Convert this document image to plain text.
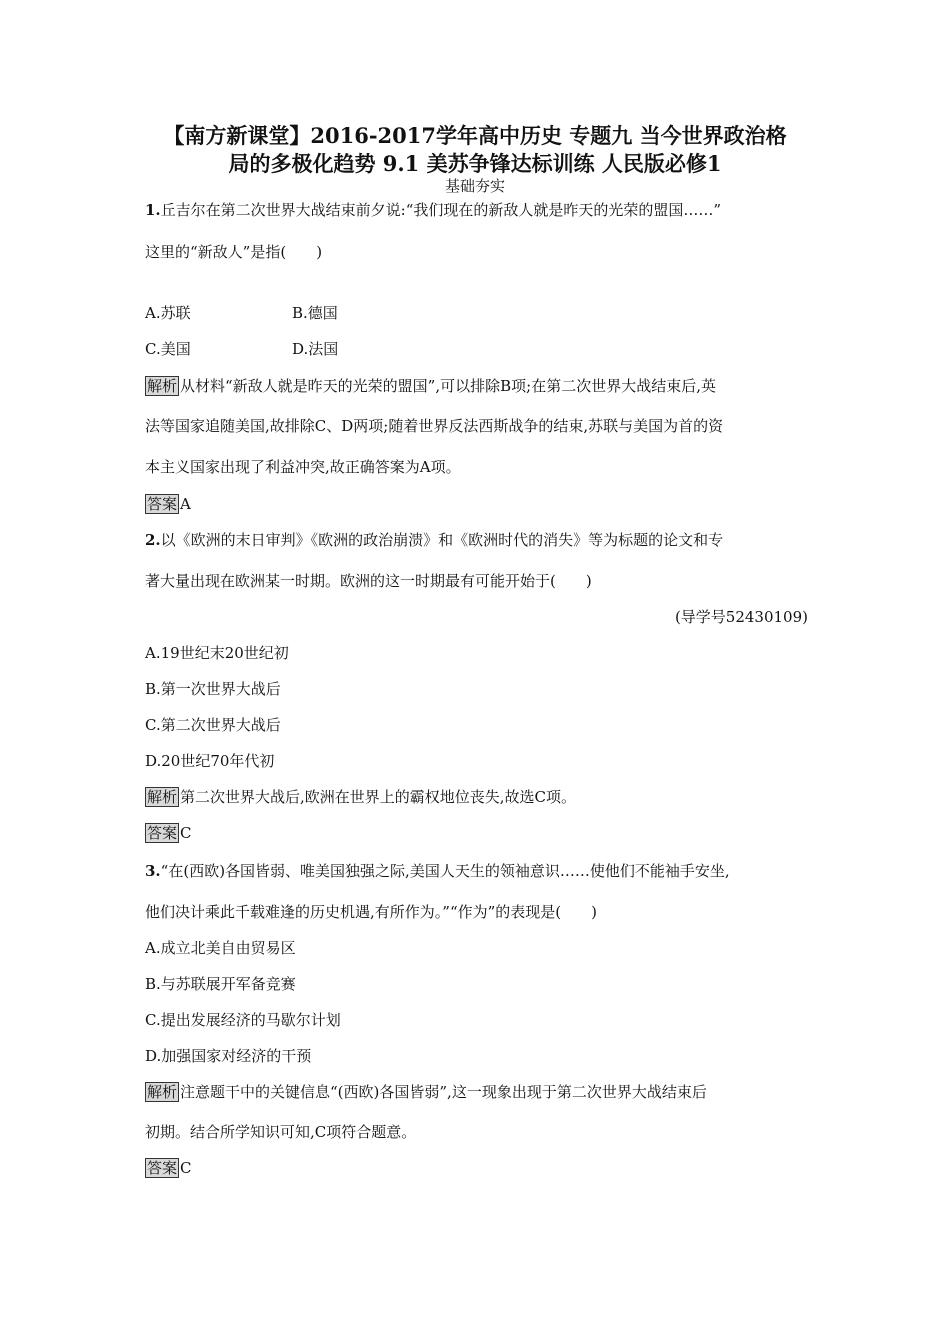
【南方新课堂】2016-2017学年高中历史 专题九 当今世界政治格
局的多极化趋势 9.1 美苏争锋达标训练 人民版必修1
基础夯实
1.丘吉尔在第二次世界大战结束前夕说:“我们现在的新敌人就是昨天的光荣的盟国……”
这里的“新敌人”是指(　　)
A.苏联	B.德国
C.美国	D.法国
解析 从材料“新敌人就是昨天的光荣的盟国”,可以排除B项;在第二次世界大战结束后,英
法等国家追随美国,故排除C、D两项;随着世界反法西斯战争的结束,苏联与美国为首的资
本主义国家出现了利益冲突,故正确答案为A项。
答案 A
2.以《欧洲的末日审判》《欧洲的政治崩溃》和《欧洲时代的消失》等为标题的论文和专
著大量出现在欧洲某一时期。欧洲的这一时期最有可能开始于(　　)
(导学号52430109)
A.19世纪末20世纪初
B.第一次世界大战后
C.第二次世界大战后
D.20世纪70年代初
解析 第二次世界大战后,欧洲在世界上的霸权地位丧失,故选C项。
答案 C
3.“在(西欧)各国皆弱、唯美国独强之际,美国人天生的领袖意识……使他们不能袖手安坐,
他们决计乘此千载难逢的历史机遇,有所作为。”“作为”的表现是(　　)
A.成立北美自由贸易区
B.与苏联展开军备竞赛
C.提出发展经济的马歇尔计划
D.加强国家对经济的干预
解析 注意题干中的关键信息“(西欧)各国皆弱”,这一现象出现于第二次世界大战结束后
初期。结合所学知识可知,C项符合题意。
答案 C
